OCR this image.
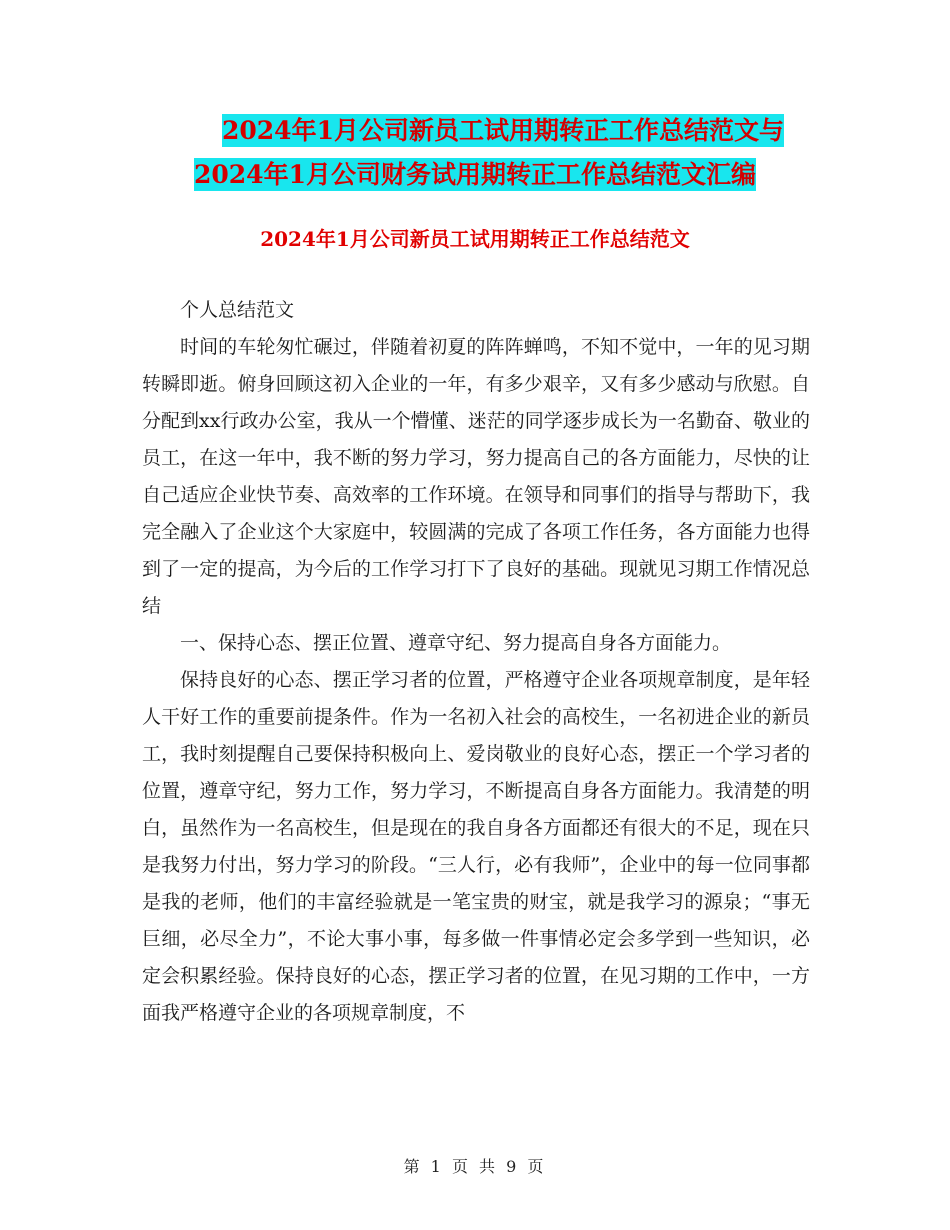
2024年1月公司新员工试用期转正工作总结范文与
2024年1月公司财务试用期转正工作总结范文汇编
2024年1月公司新员工试用期转正工作总结范文

个人总结范文

时间的车轮匆忙碾过，伴随着初夏的阵阵蝉鸣，不知不觉中，一年的见习期转瞬即逝。俯身回顾这初入企业的一年，有多少艰辛，又有多少感动与欣慰。自分配到xx行政办公室，我从一个懵懂、迷茫的同学逐步成长为一名勤奋、敬业的员工，在这一年中，我不断的努力学习，努力提高自己的各方面能力，尽快的让自己适应企业快节奏、高效率的工作环境。在领导和同事们的指导与帮助下，我完全融入了企业这个大家庭中，较圆满的完成了各项工作任务，各方面能力也得到了一定的提高，为今后的工作学习打下了良好的基础。现就见习期工作情况总结

一、保持心态、摆正位置、遵章守纪、努力提高自身各方面能力。

保持良好的心态、摆正学习者的位置，严格遵守企业各项规章制度，是年轻人干好工作的重要前提条件。作为一名初入社会的高校生，一名初进企业的新员工，我时刻提醒自己要保持积极向上、爱岗敬业的良好心态，摆正一个学习者的位置，遵章守纪，努力工作，努力学习，不断提高自身各方面能力。我清楚的明白，虽然作为一名高校生，但是现在的我自身各方面都还有很大的不足，现在只是我努力付出，努力学习的阶段。“三人行，必有我师”，企业中的每一位同事都是我的老师，他们的丰富经验就是一笔宝贵的财宝，就是我学习的源泉；“事无巨细，必尽全力”，不论大事小事，每多做一件事情必定会多学到一些知识，必定会积累经验。保持良好的心态，摆正学习者的位置，在见习期的工作中，一方面我严格遵守企业的各项规章制度，不

第 1 页 共 9 页
